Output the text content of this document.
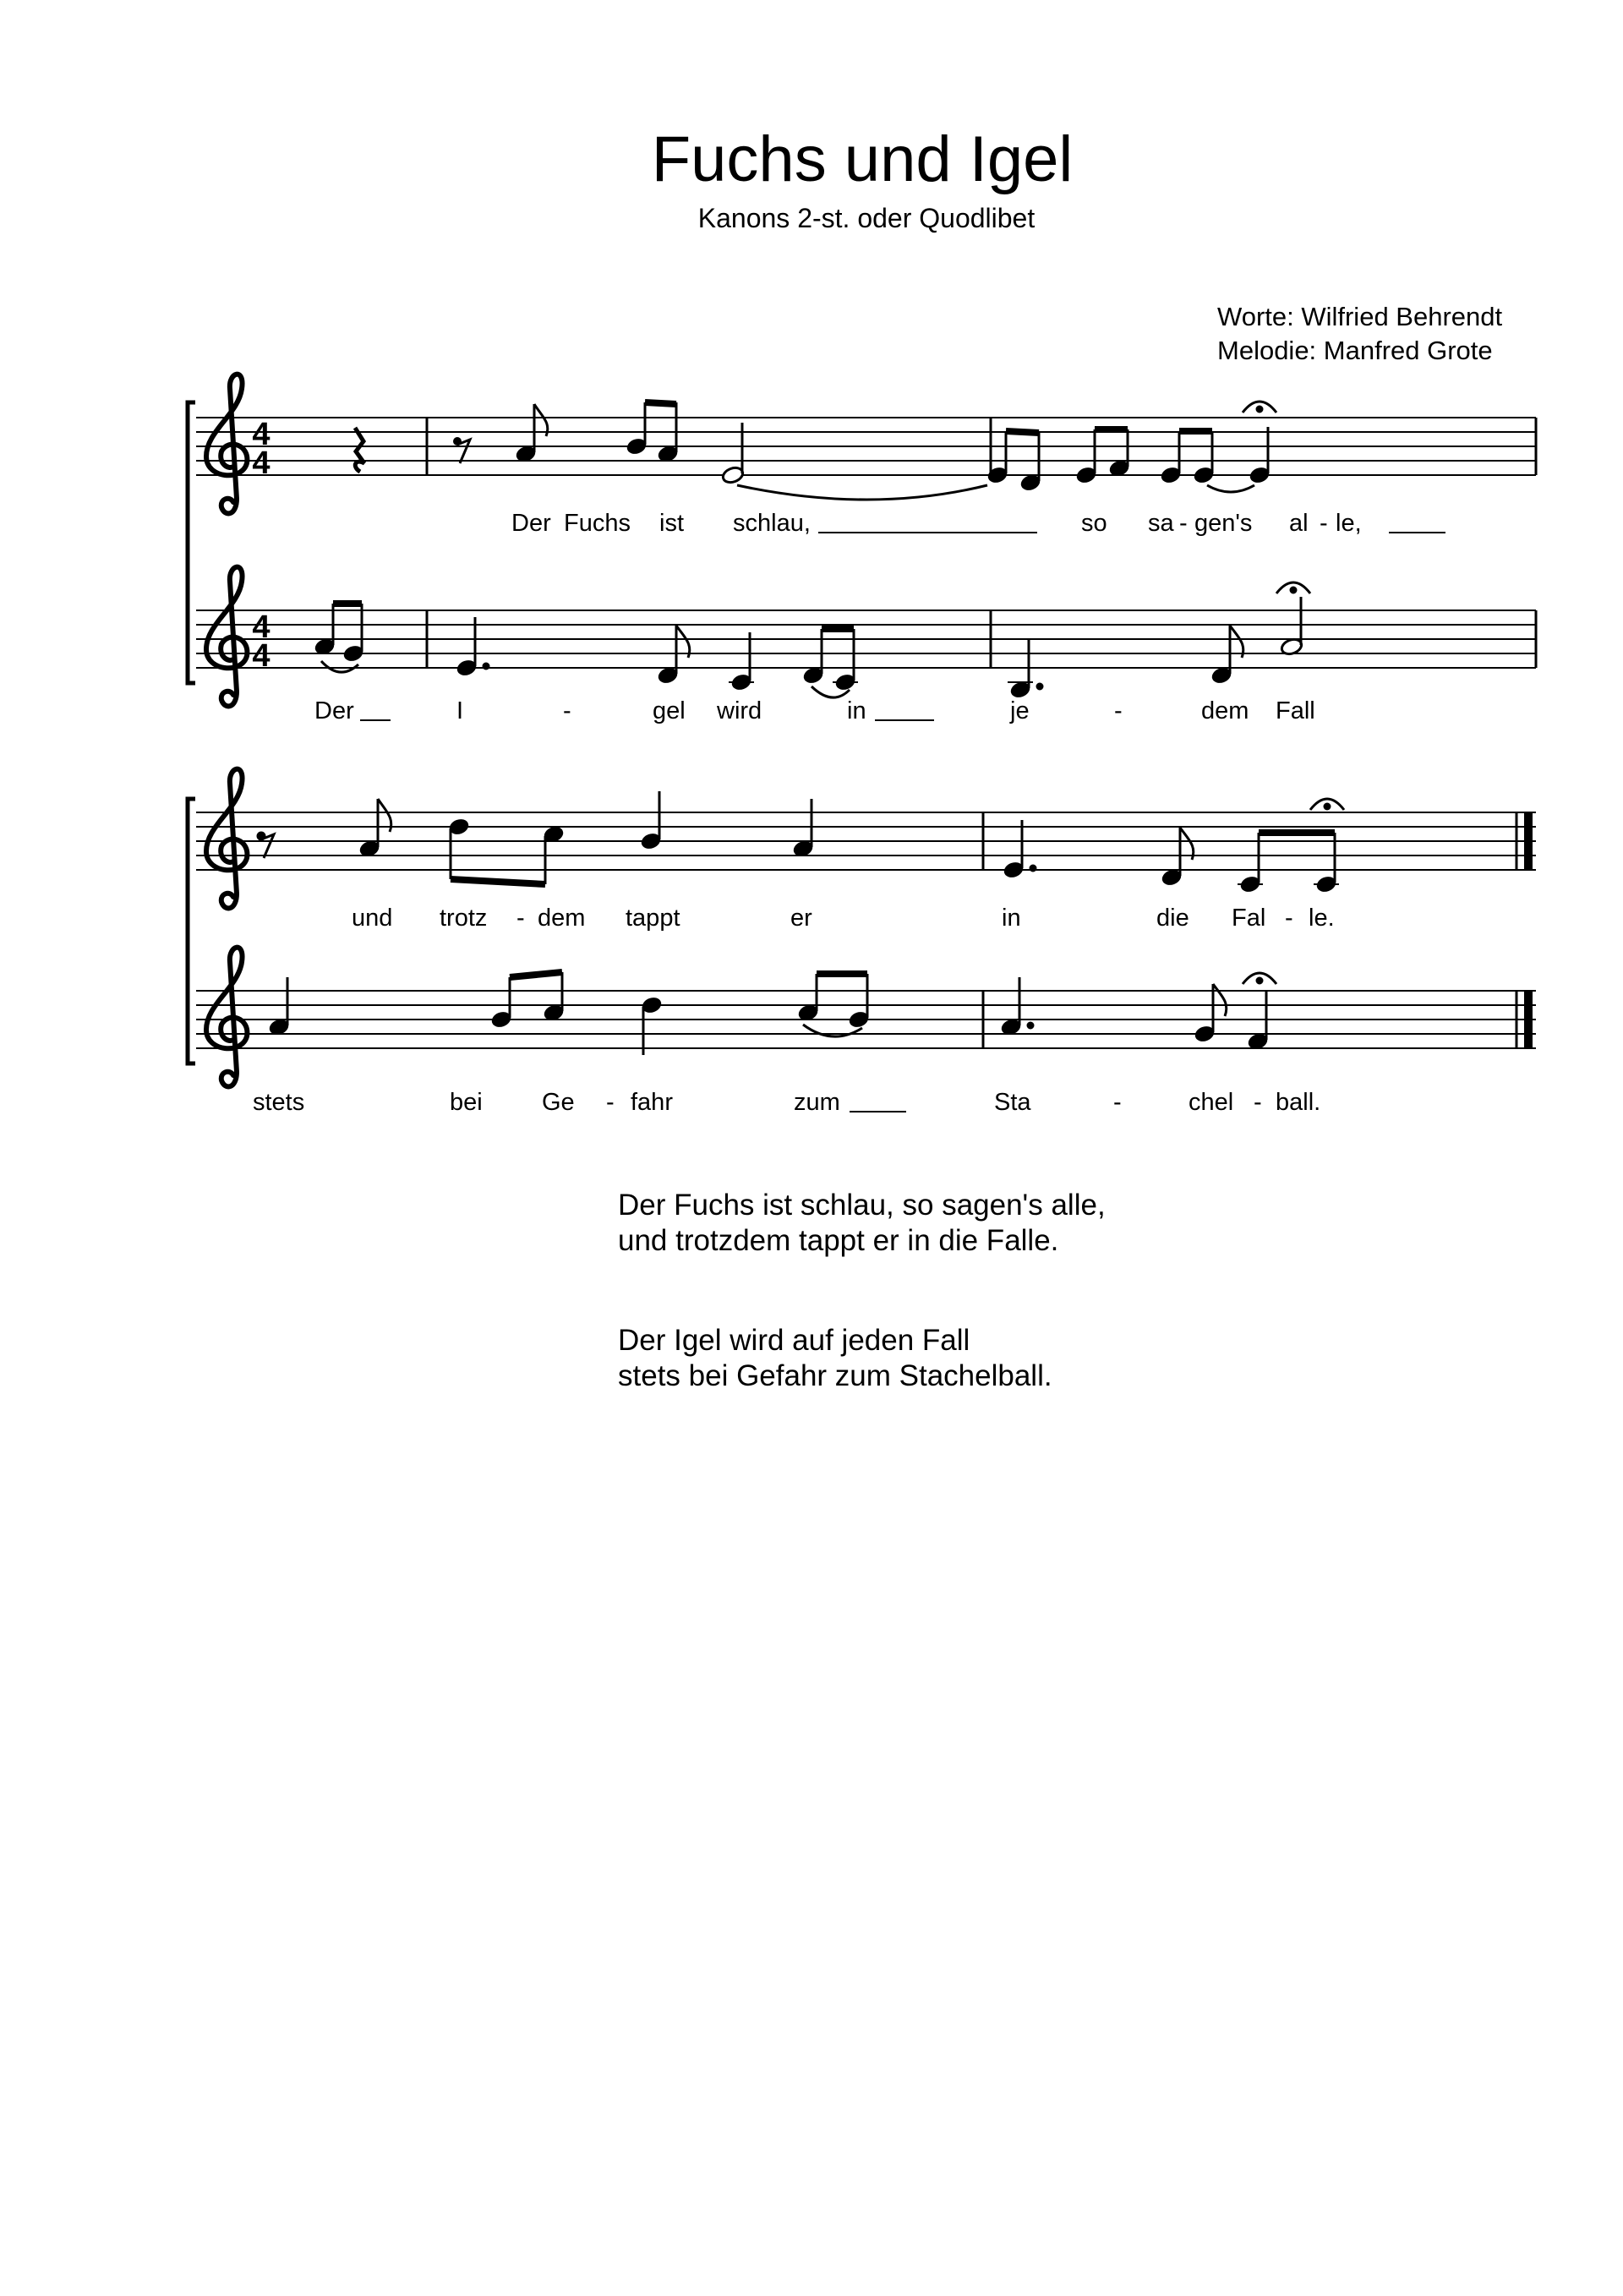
Fuchs und Igel
Kanons 2-st. oder Quodlibet
Worte: Wilfried Behrendt
Melodie: Manfred Grote
4
4
Der Fuchs ist schlau,	so sa - gen's al - le,
4
4
Der	I	-	gel wird	in	je	-	dem Fall
und trotz - dem tappt	er	in	die Fal - le.
stets	bei Ge - fahr	zum	Sta	-	chel - ball.
Der Fuchs ist schlau, so sagen's alle,
und trotzdem tappt er in die Falle.
Der Igel wird auf jeden Fall
stets bei Gefahr zum Stachelball.
